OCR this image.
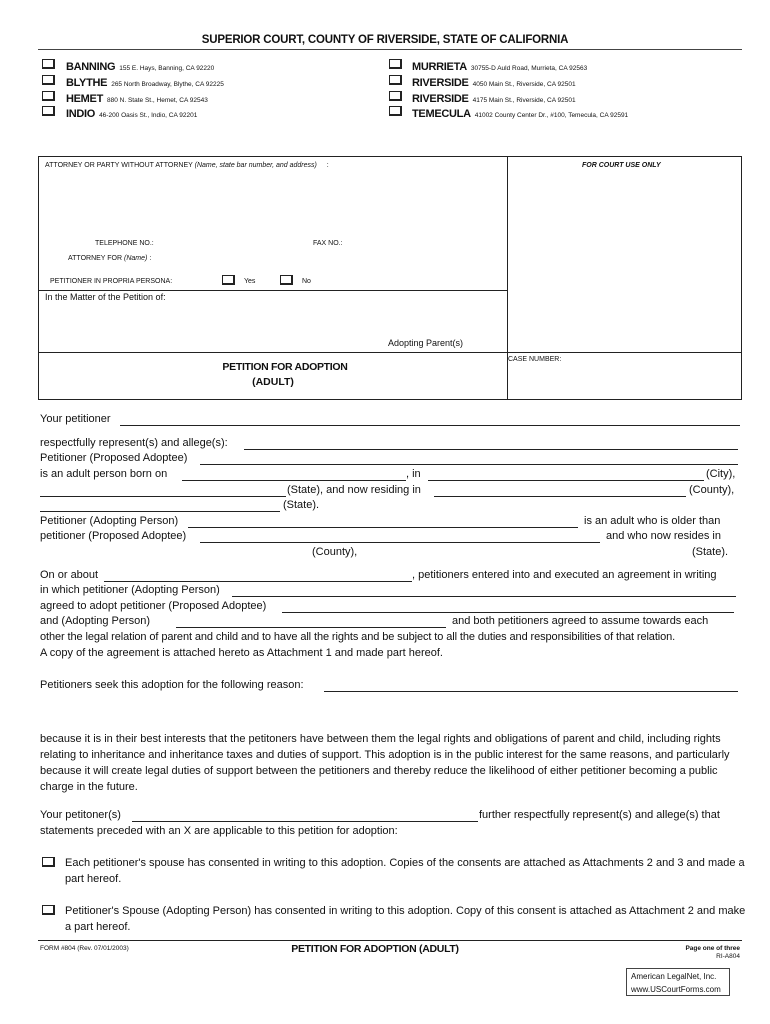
SUPERIOR COURT, COUNTY OF RIVERSIDE, STATE OF CALIFORNIA
BANNING 155 E. Hays, Banning, CA 92220
BLYTHE 265 North Broadway, Blythe, CA 92225
HEMET 880 N. State St., Hemet, CA 92543
INDIO 46-200 Oasis St., Indio, CA 92201
MURRIETA 30755-D Auld Road, Murrieta, CA 92563
RIVERSIDE 4050 Main St., Riverside, CA 92501
RIVERSIDE 4175 Main St., Riverside, CA 92501
TEMECULA 41002 County Center Dr., #100, Temecula, CA 92591
ATTORNEY OR PARTY WITHOUT ATTORNEY (Name, state bar number, and address) :	FOR COURT USE ONLY
TELEPHONE NO.:	FAX NO.:
ATTORNEY FOR (Name) :
PETITIONER IN PROPRIA PERSONA:	Yes	No
In the Matter of the Petition of:
Adopting Parent(s)
PETITION FOR ADOPTION
(ADULT)
CASE NUMBER:
Your petitioner
respectfully represent(s) and allege(s):
Petitioner (Proposed Adoptee)
is an adult person born on	, in	(City),
(State), and now residing in	(County),
(State).
Petitioner (Adopting Person)	is an adult who is older than
petitioner (Proposed Adoptee)	and who now resides in
(County),	(State).
On or about	, petitioners entered into and executed an agreement in writing
in which petitioner (Adopting Person)
agreed to adopt petitioner (Proposed Adoptee)
and (Adopting Person)	and both petitioners agreed to assume towards each
other the legal relation of parent and child and to have all the rights and be subject to all the duties and responsibilities of that relation.
A copy of the agreement is attached hereto as Attachment 1 and made part hereof.
Petitioners seek this adoption for the following reason:
because it is in their best interests that the petitoners have between them the legal rights and obligations of parent and child, including rights relating to inheritance and inheritance taxes and duties of support. This adoption is in the public interest for the same reasons, and particularly because it will create legal duties of support between the petitioners and thereby reduce the likelihood of either petitioner becoming a public charge in the future.
Your petitoner(s)	further respectfully represent(s) and allege(s) that
statements preceded with an X are applicable to this petition for adoption:
Each petitioner's spouse has consented in writing to this adoption. Copies of the consents are attached as Attachments 2 and 3 and made a part hereof.
Petitioner's Spouse (Adopting Person) has consented in writing to this adoption. Copy of this consent is attached as Attachment 2 and make a part hereof.
FORM #804 (Rev. 07/01/2003)	PETITION FOR ADOPTION (ADULT)	Page one of three
RI-A804
American LegalNet, Inc.
www.USCourtForms.com
